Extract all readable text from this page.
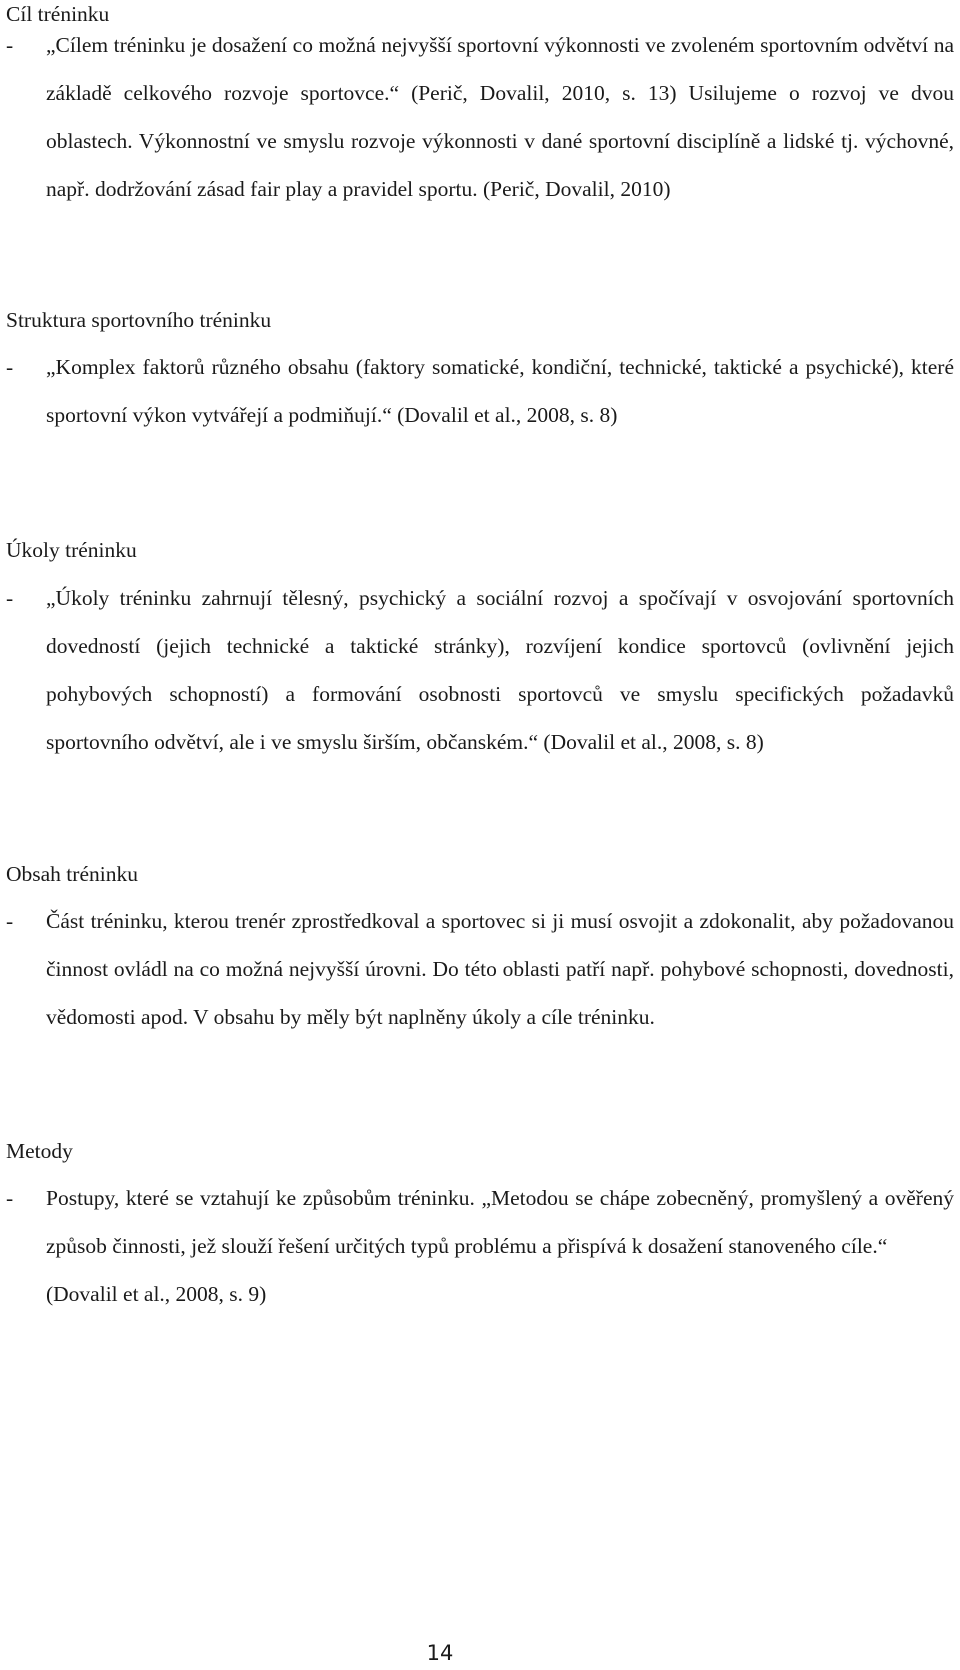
Cíl tréninku
- „Cílem tréninku je dosažení co možná nejvyšší sportovní výkonnosti ve zvoleném sportovním odvětví na základě celkového rozvoje sportovce.“ (Perič, Dovalil, 2010, s. 13) Usilujeme o rozvoj ve dvou oblastech. Výkonnostní ve smyslu rozvoje výkonnosti v dané sportovní disciplíně a lidské tj. výchovné, např. dodržování zásad fair play a pravidel sportu. (Perič, Dovalil, 2010)

Struktura sportovního tréninku
- „Komplex faktorů různého obsahu (faktory somatické, kondiční, technické, taktické a psychické), které sportovní výkon vytvářejí a podmiňují.“ (Dovalil et al., 2008, s. 8)

Úkoly tréninku
- „Úkoly tréninku zahrnují tělesný, psychický a sociální rozvoj a spočívají v osvojování sportovních dovedností (jejich technické a taktické stránky), rozvíjení kondice sportovců (ovlivnění jejich pohybových schopností) a formování osobnosti sportovců ve smyslu specifických požadavků sportovního odvětví, ale i ve smyslu širším, občanském.“ (Dovalil et al., 2008, s. 8)

Obsah tréninku
- Část tréninku, kterou trenér zprostředkoval a sportovec si ji musí osvojit a zdokonalit, aby požadovanou činnost ovládl na co možná nejvyšší úrovni. Do této oblasti patří např. pohybové schopnosti, dovednosti, vědomosti apod. V obsahu by měly být naplněny úkoly a cíle tréninku.

Metody
- Postupy, které se vztahují ke způsobům tréninku. „Metodou se chápe zobecněný, promyšlený a ověřený způsob činnosti, jež slouží řešení určitých typů problému a přispívá k dosažení stanoveného cíle.“

(Dovalil et al., 2008, s. 9)

14
